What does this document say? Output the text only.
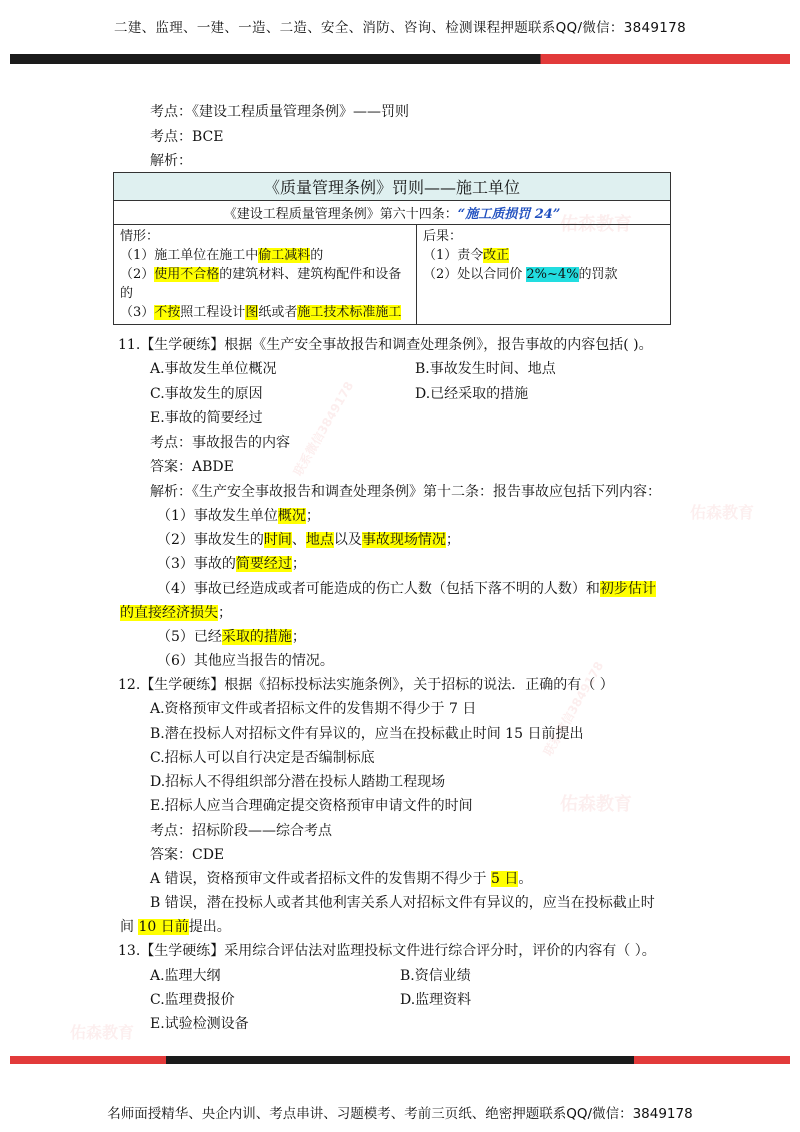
佑森教育
佑森教育
佑森教育
佑森教育
联系微信3849178
联系微信3849178
二建、监理、一建、一造、二造、安全、消防、咨询、检测课程押题联系QQ/微信：3849178
考点：《建设工程质量管理条例》——罚则
考点：BCE
解析：
《质量管理条例》罚则——施工单位
《建设工程质量管理条例》第六十四条：“施工质损罚 24”

情形：
（1）施工单位在施工中偷工减料的
（2）使用不合格的建筑材料、建筑构配件和设备
的
（3）不按照工程设计图纸或者施工技术标准施工

后果：
（1）责令改正
（2）处以合同价 2%~4%的罚款
11.【生学硬练】根据《生产安全事故报告和调查处理条例》，报告事故的内容包括( )。
A.事故发生单位概况	B.事故发生时间、地点
C.事故发生的原因	D.已经采取的措施
E.事故的简要经过
考点：事故报告的内容
答案：ABDE
解析：《生产安全事故报告和调查处理条例》第十二条：报告事故应包括下列内容：
（1）事故发生单位概况；
（2）事故发生的时间、地点以及事故现场情况；
（3）事故的简要经过；
（4）事故已经造成或者可能造成的伤亡人数（包括下落不明的人数）和初步估计
的直接经济损失；
（5）已经采取的措施；
（6）其他应当报告的情况。
12.【生学硬练】根据《招标投标法实施条例》，关于招标的说法．正确的有（ ）
A.资格预审文件或者招标文件的发售期不得少于 7 日
B.潜在投标人对招标文件有异议的，应当在投标截止时间 15 日前提出
C.招标人可以自行决定是否编制标底
D.招标人不得组织部分潜在投标人踏勘工程现场
E.招标人应当合理确定提交资格预审申请文件的时间
考点：招标阶段——综合考点
答案：CDE
A 错误，资格预审文件或者招标文件的发售期不得少于 5 日。
B 错误，潜在投标人或者其他利害关系人对招标文件有异议的，应当在投标截止时
间 10 日前提出。
13.【生学硬练】采用综合评估法对监理投标文件进行综合评分时，评价的内容有（ ）。
A.监理大纲	B.资信业绩
C.监理费报价	D.监理资料
E.试验检测设备
名师面授精华、央企内训、考点串讲、习题模考、考前三页纸、绝密押题联系QQ/微信：3849178
